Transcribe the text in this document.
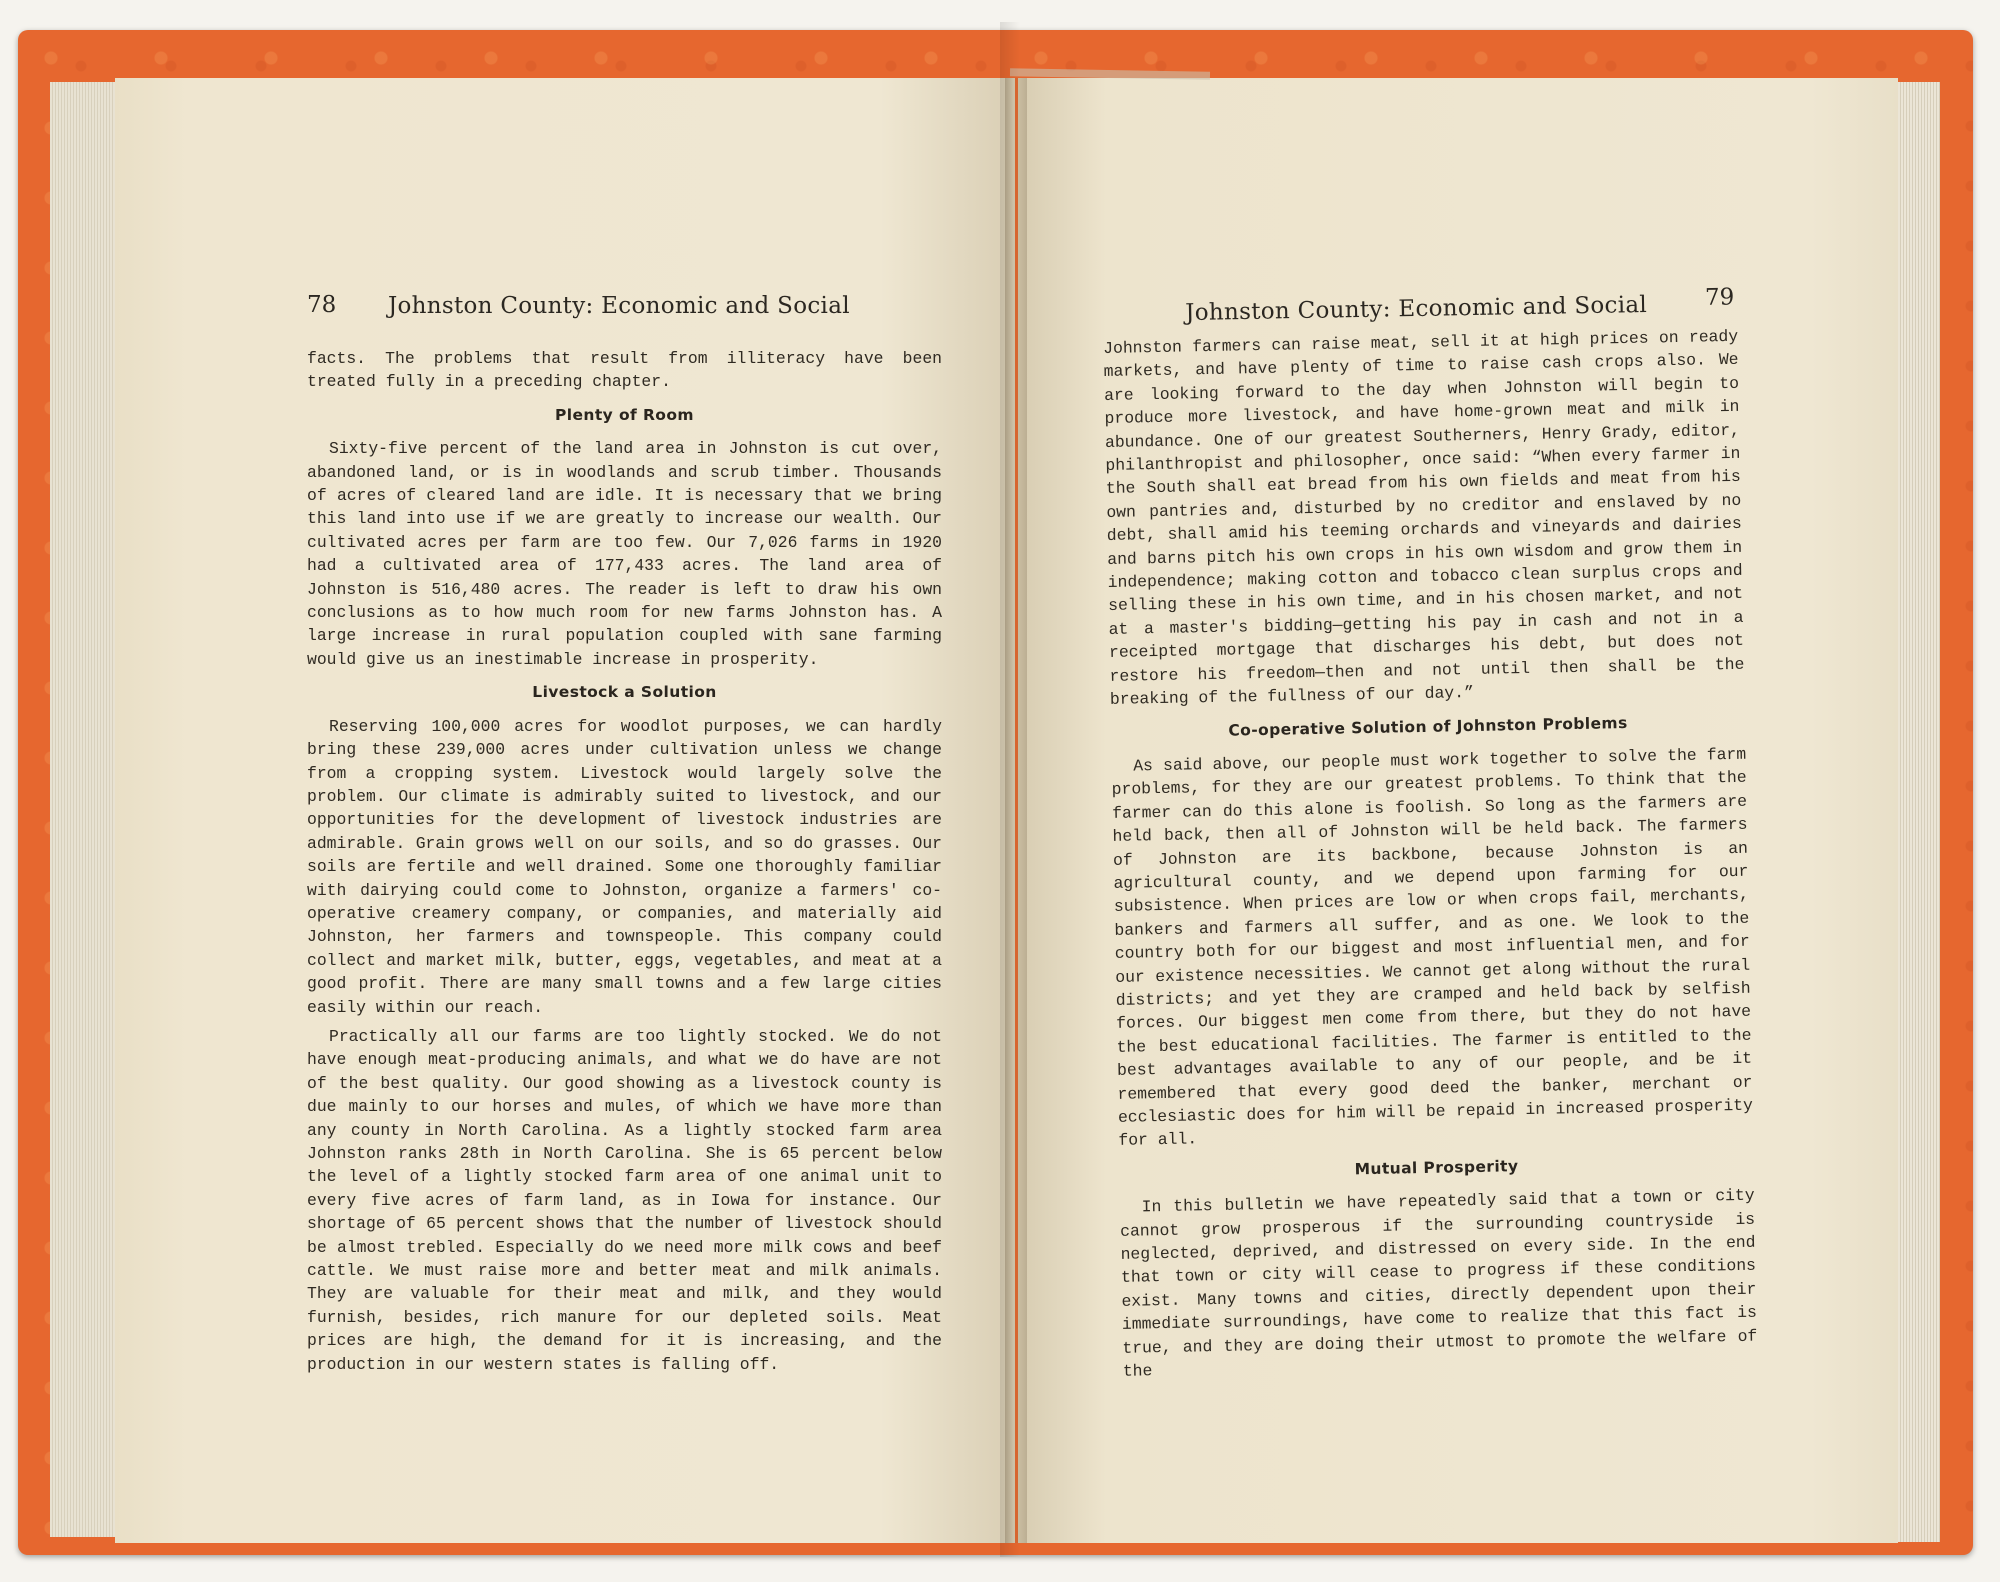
78 Johnston County: Economic and Social

facts. The problems that result from illiteracy have been treated fully in a preceding chapter.

Plenty of Room

Sixty-five percent of the land area in Johnston is cut over, abandoned land, or is in woodlands and scrub timber. Thousands of acres of cleared land are idle. It is necessary that we bring this land into use if we are greatly to increase our wealth. Our cultivated acres per farm are too few. Our 7,026 farms in 1920 had a cultivated area of 177,433 acres. The land area of Johnston is 516,480 acres. The reader is left to draw his own conclusions as to how much room for new farms Johnston has. A large increase in rural population coupled with sane farming would give us an inestimable increase in prosperity.

Livestock a Solution

Reserving 100,000 acres for woodlot purposes, we can hardly bring these 239,000 acres under cultivation unless we change from a cropping system. Livestock would largely solve the problem. Our climate is admirably suited to livestock, and our opportunities for the development of livestock industries are admirable. Grain grows well on our soils, and so do grasses. Our soils are fertile and well drained. Some one thoroughly familiar with dairying could come to Johnston, organize a farmers' co-operative creamery company, or companies, and materially aid Johnston, her farmers and townspeople. This company could collect and market milk, butter, eggs, vegetables, and meat at a good profit. There are many small towns and a few large cities easily within our reach.

Practically all our farms are too lightly stocked. We do not have enough meat-producing animals, and what we do have are not of the best quality. Our good showing as a livestock county is due mainly to our horses and mules, of which we have more than any county in North Carolina. As a lightly stocked farm area Johnston ranks 28th in North Carolina. She is 65 percent below the level of a lightly stocked farm area of one animal unit to every five acres of farm land, as in Iowa for instance. Our shortage of 65 percent shows that the number of livestock should be almost trebled. Especially do we need more milk cows and beef cattle. We must raise more and better meat and milk animals. They are valuable for their meat and milk, and they would furnish, besides, rich manure for our depleted soils. Meat prices are high, the demand for it is increasing, and the production in our western states is falling off.

Johnston County: Economic and Social	79

Johnston farmers can raise meat, sell it at high prices on ready markets, and have plenty of time to raise cash crops also. We are looking forward to the day when Johnston will begin to produce more livestock, and have home-grown meat and milk in abundance. One of our greatest Southerners, Henry Grady, editor, philanthropist and philosopher, once said: “When every farmer in the South shall eat bread from his own fields and meat from his own pantries and, disturbed by no creditor and enslaved by no debt, shall amid his teeming orchards and vineyards and dairies and barns pitch his own crops in his own wisdom and grow them in independence; making cotton and tobacco clean surplus crops and selling these in his own time, and in his chosen market, and not at a master's bidding—getting his pay in cash and not in a receipted mortgage that discharges his debt, but does not restore his freedom—then and not until then shall be the breaking of the fullness of our day.”

Co-operative Solution of Johnston Problems

As said above, our people must work together to solve the farm problems, for they are our greatest problems. To think that the farmer can do this alone is foolish. So long as the farmers are held back, then all of Johnston will be held back. The farmers of Johnston are its backbone, because Johnston is an agricultural county, and we depend upon farming for our subsistence. When prices are low or when crops fail, merchants, bankers and farmers all suffer, and as one. We look to the country both for our biggest and most influential men, and for our existence necessities. We cannot get along without the rural districts; and yet they are cramped and held back by selfish forces. Our biggest men come from there, but they do not have the best educational facilities. The farmer is entitled to the best advantages available to any of our people, and be it remembered that every good deed the banker, merchant or ecclesiastic does for him will be repaid in increased prosperity for all.

Mutual Prosperity

In this bulletin we have repeatedly said that a town or city cannot grow prosperous if the surrounding countryside is neglected, deprived, and distressed on every side. In the end that town or city will cease to progress if these conditions exist. Many towns and cities, directly dependent upon their immediate surroundings, have come to realize that this fact is true, and they are doing their utmost to promote the welfare of the
